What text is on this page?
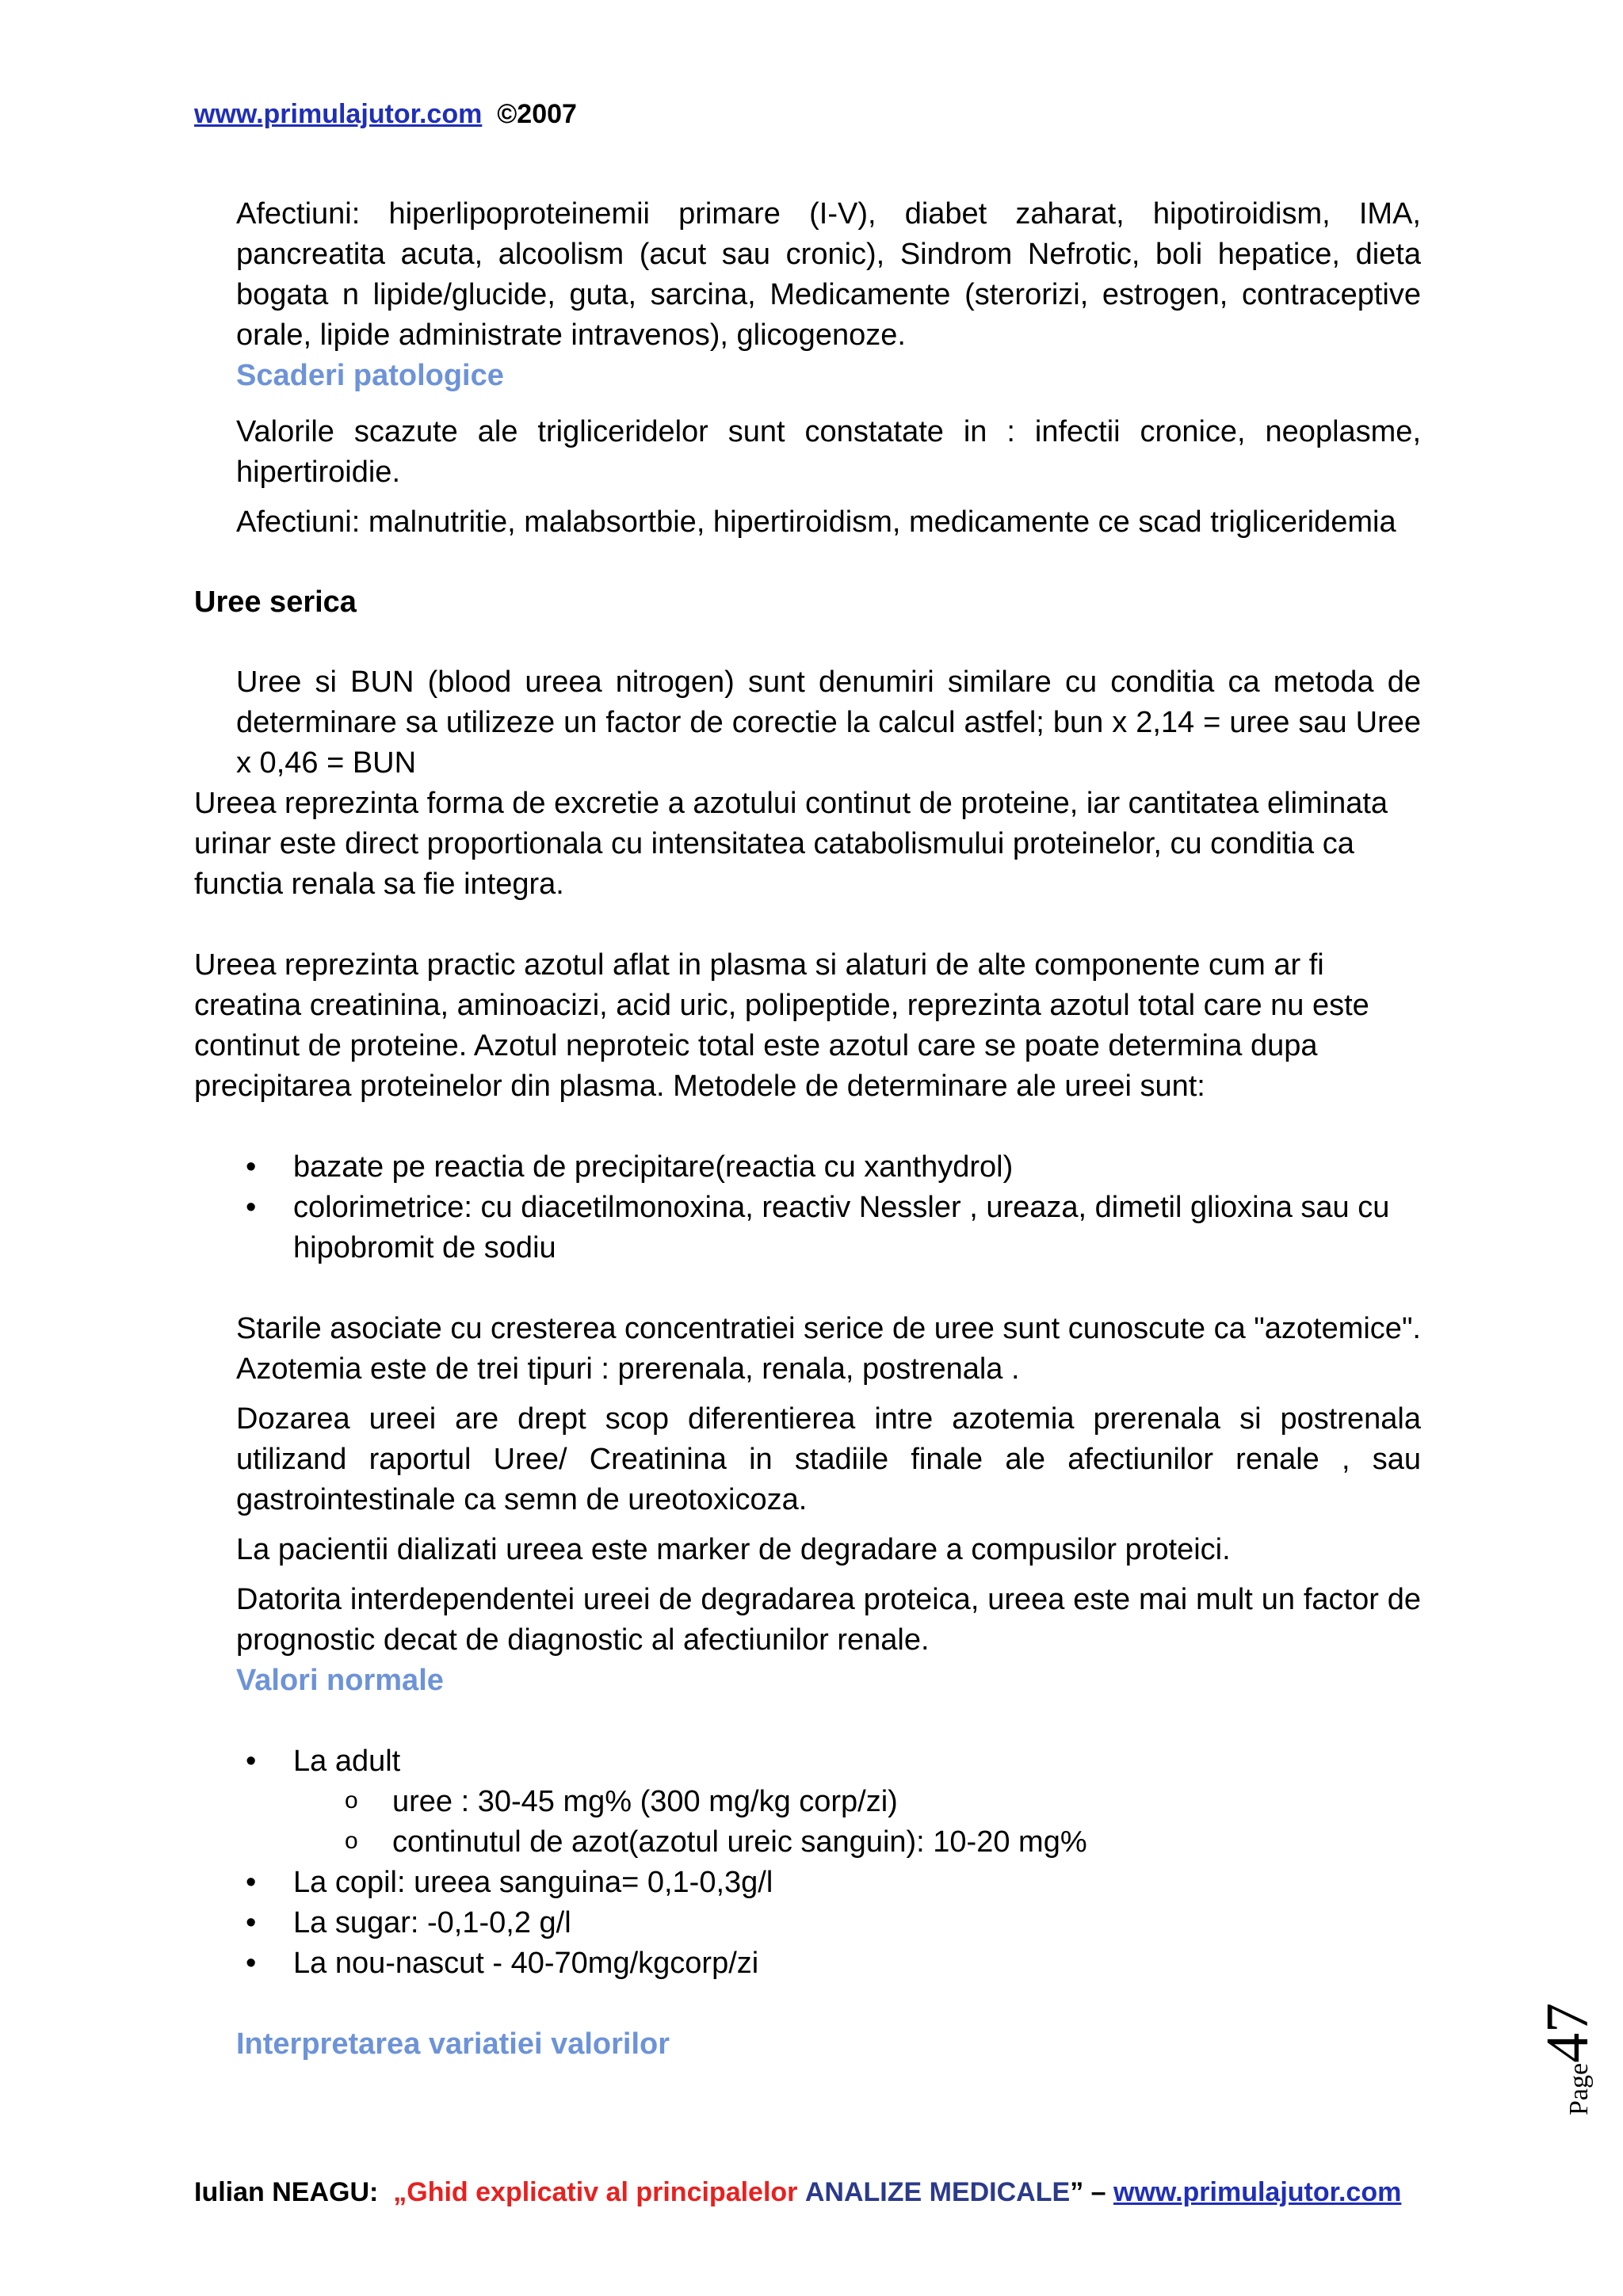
www.primulajutor.com ©2007

Afectiuni: hiperlipoproteinemii primare (I-V), diabet zaharat, hipotiroidism, IMA, pancreatita acuta, alcoolism (acut sau cronic), Sindrom Nefrotic, boli hepatice, dieta bogata n lipide/glucide, guta, sarcina, Medicamente (sterorizi, estrogen, contraceptive orale, lipide administrate intravenos), glicogenoze.

Scaderi patologice

Valorile scazute ale trigliceridelor sunt constatate in : infectii cronice, neoplasme, hipertiroidie.

Afectiuni: malnutritie, malabsortbie, hipertiroidism, medicamente ce scad trigliceridemia

Uree serica

Uree si BUN (blood ureea nitrogen) sunt denumiri similare cu conditia ca metoda de determinare sa utilizeze un factor de corectie la calcul astfel; bun x 2,14 = uree sau Uree x 0,46 = BUN

Ureea reprezinta forma de excretie a azotului continut de proteine, iar cantitatea eliminata urinar este direct proportionala cu intensitatea catabolismului proteinelor, cu conditia ca functia renala sa fie integra.

Ureea reprezinta practic azotul aflat in plasma si alaturi de alte componente cum ar fi creatina creatinina, aminoacizi, acid uric, polipeptide, reprezinta azotul total care nu este continut de proteine. Azotul neproteic total este azotul care se poate determina dupa precipitarea proteinelor din plasma. Metodele de determinare ale ureei sunt:

• bazate pe reactia de precipitare(reactia cu xanthydrol)
• colorimetrice: cu diacetilmonoxina, reactiv Nessler , ureaza, dimetil glioxina sau cu hipobromit de sodiu

Starile asociate cu cresterea concentratiei serice de uree sunt cunoscute ca "azotemice". Azotemia este de trei tipuri : prerenala, renala, postrenala .

Dozarea ureei are drept scop diferentierea intre azotemia prerenala si postrenala utilizand raportul Uree/ Creatinina in stadiile finale ale afectiunilor renale , sau gastrointestinale ca semn de ureotoxicoza.

La pacientii dializati ureea este marker de degradare a compusilor proteici.

Datorita interdependentei ureei de degradarea proteica, ureea este mai mult un factor de prognostic decat de diagnostic al afectiunilor renale.

Valori normale

• La adult
o uree : 30-45 mg% (300 mg/kg corp/zi)
o continutul de azot(azotul ureic sanguin): 10-20 mg%
• La copil: ureea sanguina= 0,1-0,3g/l
• La sugar: -0,1-0,2 g/l
• La nou-nascut - 40-70mg/kgcorp/zi

Interpretarea variatiei valorilor

Page47
Iulian NEAGU: „Ghid explicativ al principalelor ANALIZE MEDICALE” – www.primulajutor.com
